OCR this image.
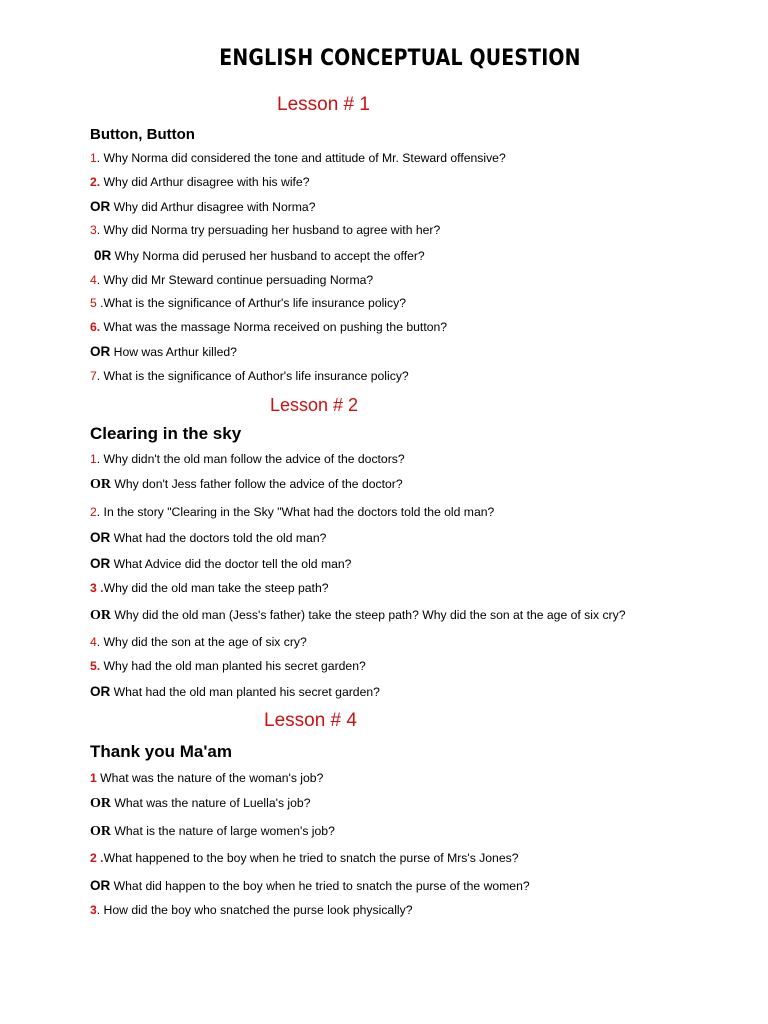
ENGLISH CONCEPTUAL QUESTION
Lesson # 1
Button, Button
1. Why Norma did considered the tone and attitude of Mr. Steward offensive?
2. Why did Arthur disagree with his wife?
OR Why did Arthur disagree with Norma?
3. Why did Norma try persuading her husband to agree with her?
0R Why Norma did perused her husband to accept the offer?
4. Why did Mr Steward continue persuading Norma?
5 .What is the significance of Arthur's life insurance policy?
6. What was the massage Norma received on pushing the button?
OR How was Arthur killed?
7. What is the significance of Author's life insurance policy?
Lesson # 2
Clearing in the sky
1. Why didn't the old man follow the advice of the doctors?
OR Why don't Jess father follow the advice of the doctor?
2. In the story "Clearing in the Sky "What had the doctors told the old man?
OR What had the doctors told the old man?
OR What Advice did the doctor tell the old man?
3 .Why did the old man take the steep path?
OR Why did the old man (Jess's father) take the steep path? Why did the son at the age of six cry?
4. Why did the son at the age of six cry?
5. Why had the old man planted his secret garden?
OR What had the old man planted his secret garden?
Lesson # 4
Thank you Ma'am
1 What was the nature of the woman's job?
OR What was the nature of Luella's job?
OR What is the nature of large women's job?
2 .What happened to the boy when he tried to snatch the purse of Mrs's Jones?
OR What did happen to the boy when he tried to snatch the purse of the women?
3. How did the boy who snatched the purse look physically?
